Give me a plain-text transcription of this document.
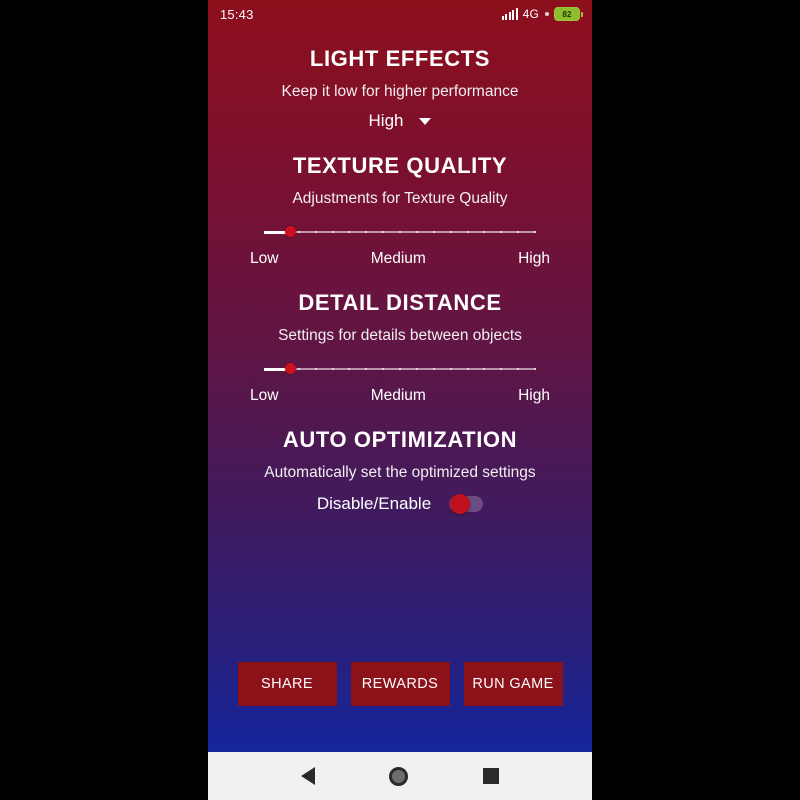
15:43	4G	82
LIGHT EFFECTS
Keep it low for higher performance
High
TEXTURE QUALITY
Adjustments for Texture Quality
Low	Medium	High
DETAIL DISTANCE
Settings for details between objects
Low	Medium	High
AUTO OPTIMIZATION
Automatically set the optimized settings
Disable/Enable
SHARE	REWARDS	RUN GAME
